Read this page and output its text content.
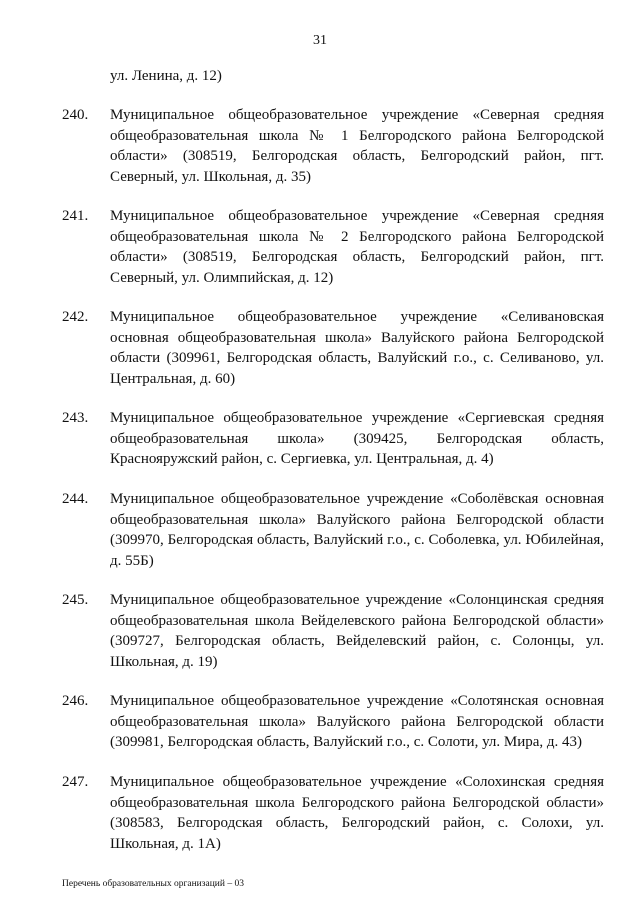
31
ул. Ленина, д. 12)
240. Муниципальное общеобразовательное учреждение «Северная средняя общеобразовательная школа № 1 Белгородского района Белгородской области» (308519, Белгородская область, Белгородский район, пгт. Северный, ул. Школьная, д. 35)
241. Муниципальное общеобразовательное учреждение «Северная средняя общеобразовательная школа № 2 Белгородского района Белгородской области» (308519, Белгородская область, Белгородский район, пгт. Северный, ул. Олимпийская, д. 12)
242. Муниципальное общеобразовательное учреждение «Селивановская основная общеобразовательная школа» Валуйского района Белгородской области (309961, Белгородская область, Валуйский г.о., с. Селиваново, ул. Центральная, д. 60)
243. Муниципальное общеобразовательное учреждение «Сергиевская средняя общеобразовательная школа» (309425, Белгородская область, Краснояружский район, с. Сергиевка, ул. Центральная, д. 4)
244. Муниципальное общеобразовательное учреждение «Соболёвская основная общеобразовательная школа» Валуйского района Белгородской области (309970, Белгородская область, Валуйский г.о., с. Соболевка, ул. Юбилейная, д. 55Б)
245. Муниципальное общеобразовательное учреждение «Солонцинская средняя общеобразовательная школа Вейделевского района Белгородской области» (309727, Белгородская область, Вейделевский район, с. Солонцы, ул. Школьная, д. 19)
246. Муниципальное общеобразовательное учреждение «Солотянская основная общеобразовательная школа» Валуйского района Белгородской области (309981, Белгородская область, Валуйский г.о., с. Солоти, ул. Мира, д. 43)
247. Муниципальное общеобразовательное учреждение «Солохинская средняя общеобразовательная школа Белгородского района Белгородской области» (308583, Белгородская область, Белгородский район, с. Солохи, ул. Школьная, д. 1А)
Перечень образовательных организаций – 03
